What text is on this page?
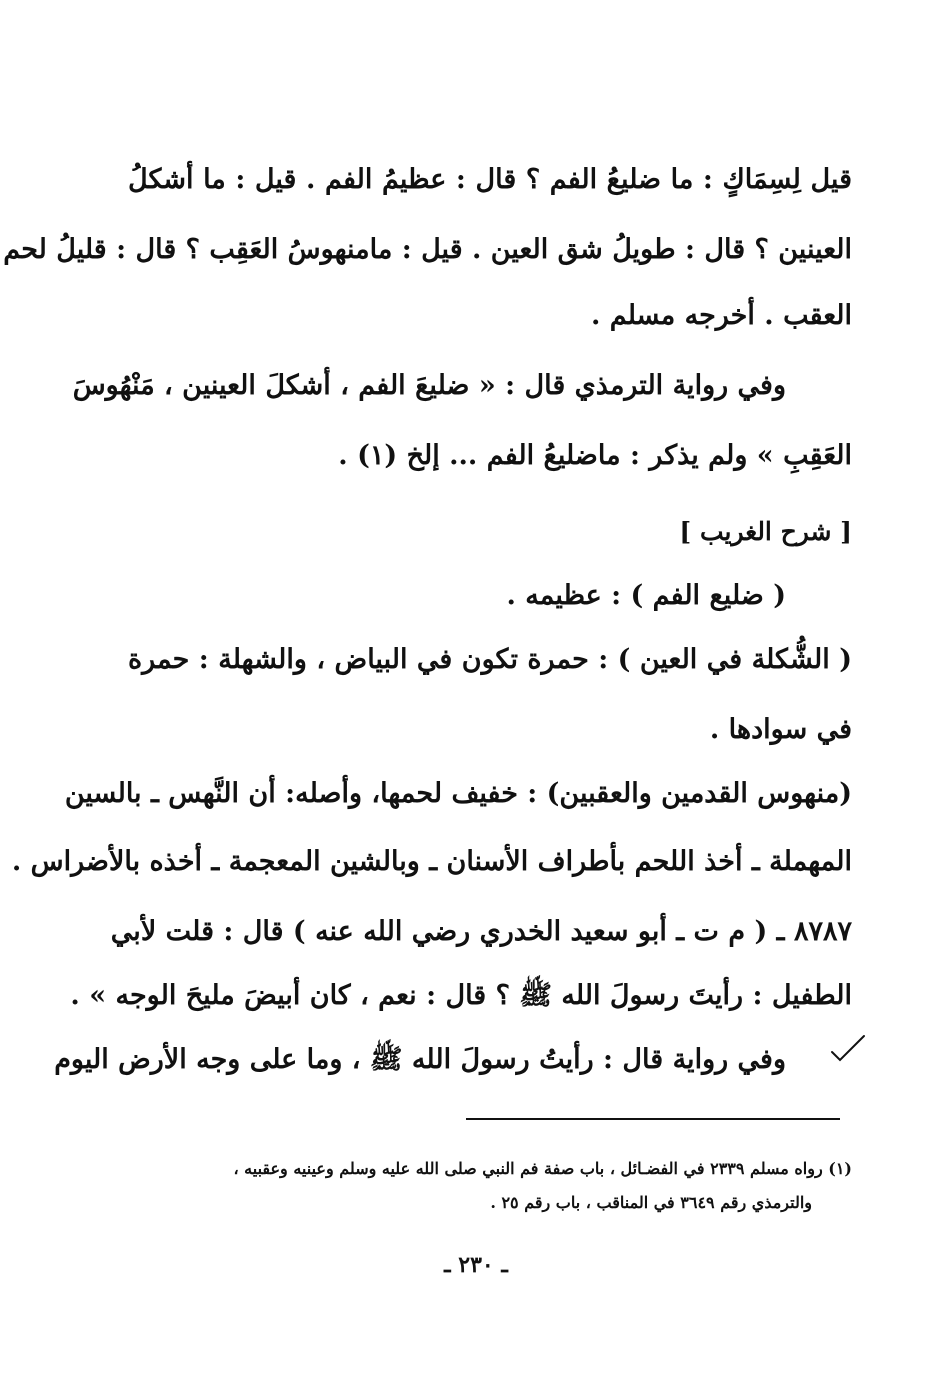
قيل لِسِمَاكٍ : ما ضليعُ الفم ؟ قال : عظيمُ الفم . قيل : ما أشكلُ
العينين ؟ قال : طويلُ شق العين . قيل : مامنهوسُ العَقِب ؟ قال : قليلُ لحم
العقب . أخرجه مسلم .
وفي رواية الترمذي قال : « ضليعَ الفم ، أشكلَ العينين ، مَنْهُوسَ
العَقِبِ » ولم يذكر : ماضليعُ الفم ... إلخ (١) .
[ شرح الغريب ]
( ضليع الفم ) : عظيمه .
( الشُّكلة في العين ) : حمرة تكون في البياض ، والشهلة : حمرة
في سوادها .
(منهوس القدمين والعقبين) : خفيف لحمها، وأصله: أن النَّهس ـ بالسين
المهملة ـ أخذ اللحم بأطراف الأسنان ـ وبالشين المعجمة ـ أخذه بالأضراس .
٨٧٨٧ ـ ( م ت ـ أبو سعيد الخدري رضي الله عنه ) قال : قلت لأبي
الطفيل : رأيتَ رسولَ الله ﷺ ؟ قال : نعم ، كان أبيضَ مليحَ الوجه » .
وفي رواية قال : رأيتُ رسولَ الله ﷺ ، وما على وجه الأرض اليوم
(١) رواه مسلم ٢٣٣٩ في الفضـائل ، باب صفة فم النبي صلى الله عليه وسلم وعينيه وعقبيه ،
والترمذي رقم ٣٦٤٩ في المناقب ، باب رقم ٢٥ .
ـ ٢٣٠ ـ
